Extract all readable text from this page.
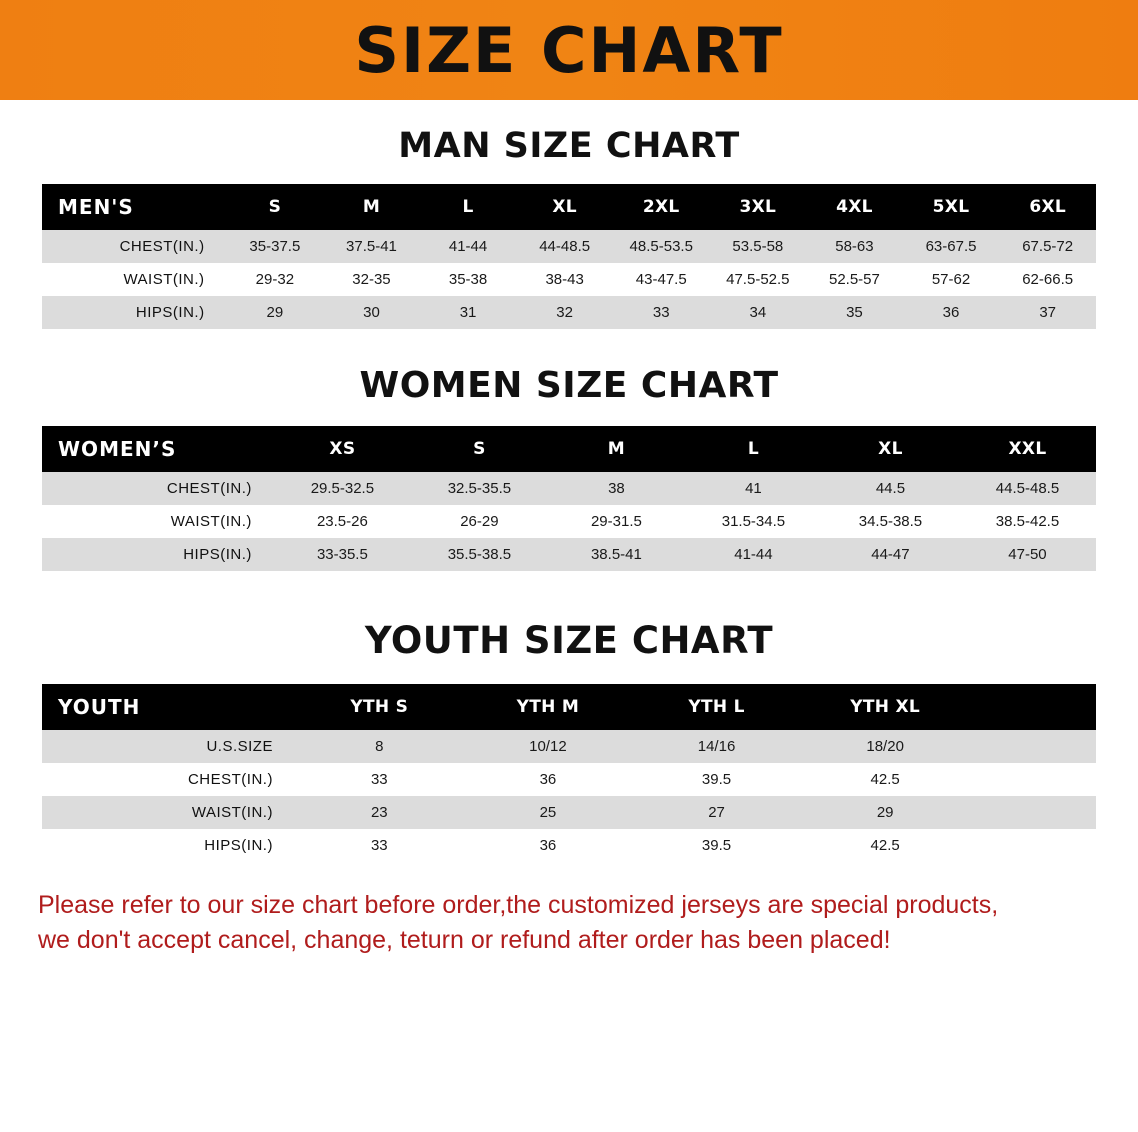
SIZE CHART
MAN SIZE CHART
MEN'S	S	M	L	XL	2XL	3XL	4XL	5XL	6XL
CHEST(IN.)	35-37.5	37.5-41	41-44	44-48.5	48.5-53.5	53.5-58	58-63	63-67.5	67.5-72
WAIST(IN.)	29-32	32-35	35-38	38-43	43-47.5	47.5-52.5	52.5-57	57-62	62-66.5
HIPS(IN.)	29	30	31	32	33	34	35	36	37
WOMEN SIZE CHART
WOMEN’S	XS	S	M	L	XL	XXL
CHEST(IN.)	29.5-32.5	32.5-35.5	38	41	44.5	44.5-48.5
WAIST(IN.)	23.5-26	26-29	29-31.5	31.5-34.5	34.5-38.5	38.5-42.5
HIPS(IN.)	33-35.5	35.5-38.5	38.5-41	41-44	44-47	47-50
YOUTH SIZE CHART
YOUTH	YTH S	YTH M	YTH L	YTH XL	
U.S.SIZE	8	10/12	14/16	18/20	
CHEST(IN.)	33	36	39.5	42.5	
WAIST(IN.)	23	25	27	29	
HIPS(IN.)	33	36	39.5	42.5	
Please refer to our size chart before order,the customized jerseys are special products,
we don't accept cancel, change, teturn or refund after order has been placed!
